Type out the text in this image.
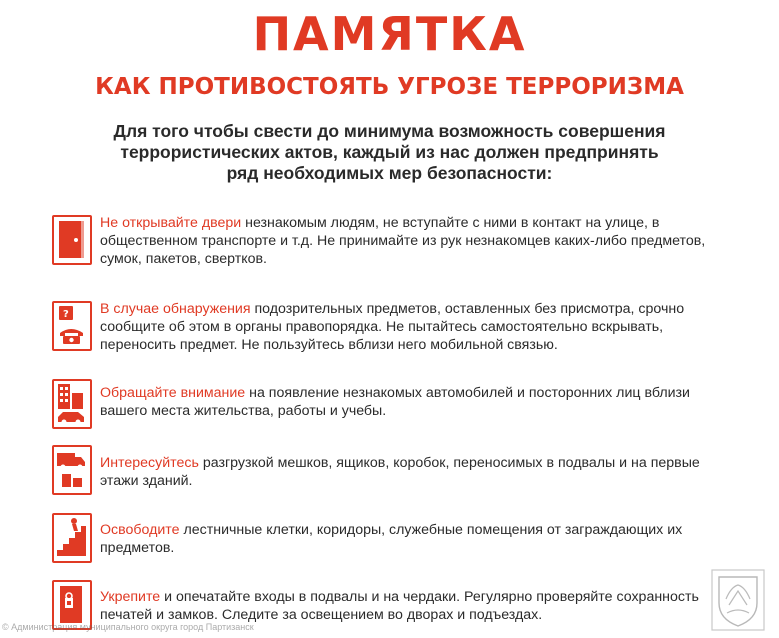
ПАМЯТКА
КАК ПРОТИВОСТОЯТЬ УГРОЗЕ ТЕРРОРИЗМА
Для того чтобы свести до минимума возможность совершения
террористических актов, каждый из нас должен предпринять
ряд необходимых мер безопасности:
Не открывайте двери незнакомым людям, не вступайте с ними в контакт на улице, в общественном транспорте и т.д. Не принимайте из рук незнакомцев каких-либо предметов, сумок, пакетов, свертков.
? В случае обнаружения подозрительных предметов, оставленных без присмотра, срочно сообщите об этом в органы правопорядка. Не пытайтесь самостоятельно вскрывать, переносить предмет. Не пользуйтесь вблизи него мобильной связью.
Обращайте внимание на появление незнакомых автомобилей и посторонних лиц вблизи вашего места жительства, работы и учебы.
Интересуйтесь разгрузкой мешков, ящиков, коробок, переносимых в подвалы и на первые этажи зданий.
Освободите лестничные клетки, коридоры, служебные помещения от заграждающих их предметов.
Укрепите и опечатайте входы в подвалы и на чердаки. Регулярно проверяйте сохранность печатей и замков. Следите за освещением во дворах и подъездах.
© Администрация муниципального округа город Партизанск
